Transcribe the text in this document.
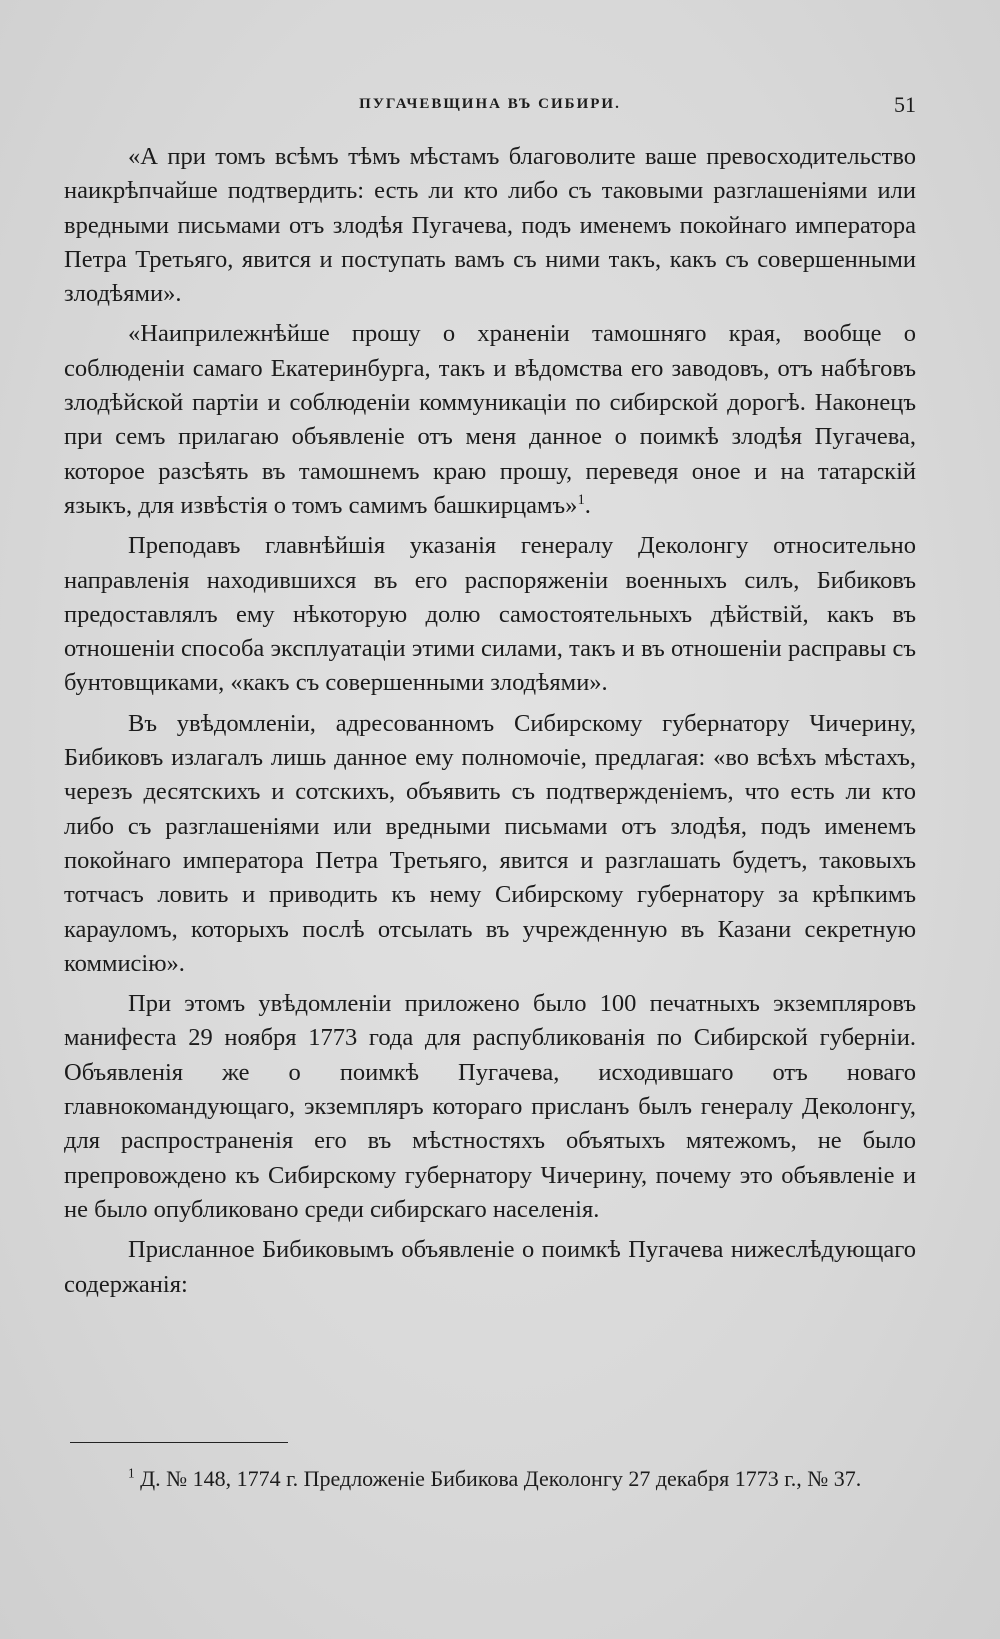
ПУГАЧЕВЩИНА ВЪ СИБИРИ.	51

«А при томъ всѣмъ тѣмъ мѣстамъ благоволите ваше превосходительство наикрѣпчайше подтвердить: есть ли кто либо съ таковыми разглашеніями или вредными письмами отъ злодѣя Пугачева, подъ именемъ покойнаго императора Петра Третьяго, явится и поступать вамъ съ ними такъ, какъ съ совершенными злодѣями».

«Наиприлежнѣйше прошу о храненіи тамошняго края, вообще о соблюденіи самаго Екатеринбурга, такъ и вѣдомства его заводовъ, отъ набѣговъ злодѣйской партіи и соблюденіи коммуникаціи по сибирской дорогѣ. Наконецъ при семъ прилагаю объявленіе отъ меня данное о поимкѣ злодѣя Пугачева, которое разсѣять въ тамошнемъ краю прошу, переведя оное и на татарскій языкъ, для извѣстія о томъ самимъ башкирцамъ»$^1$.

Преподавъ главнѣйшія указанія генералу Деколонгу относительно направленія находившихся въ его распоряженіи военныхъ силъ, Бибиковъ предоставлялъ ему нѣкоторую долю самостоятельныхъ дѣйствій, какъ въ отношеніи способа эксплуатаціи этими силами, такъ и въ отношеніи расправы съ бунтовщиками, «какъ съ совершенными злодѣями».

Въ увѣдомленіи, адресованномъ Сибирскому губернатору Чичерину, Бибиковъ излагалъ лишь данное ему полномочіе, предлагая: «во всѣхъ мѣстахъ, черезъ десятскихъ и сотскихъ, объявить съ подтвержденіемъ, что есть ли кто либо съ разглашеніями или вредными письмами отъ злодѣя, подъ именемъ покойнаго императора Петра Третьяго, явится и разглашать будетъ, таковыхъ тотчасъ ловить и приводить къ нему Сибирскому губернатору за крѣпкимъ карауломъ, которыхъ послѣ отсылать въ учрежденную въ Казани секретную коммисію».

При этомъ увѣдомленіи приложено было 100 печатныхъ экземпляровъ манифеста 29 ноября 1773 года для распубликованія по Сибирской губерніи. Объявленія же о поимкѣ Пугачева, исходившаго отъ новаго главнокомандующаго, экземпляръ котораго присланъ былъ генералу Деколонгу, для распространенія его въ мѣстностяхъ объятыхъ мятежомъ, не было препровождено къ Сибирскому губернатору Чичерину, почему это объявленіе и не было опубликовано среди сибирскаго населенія.

Присланное Бибиковымъ объявленіе о поимкѣ Пугачева нижеслѣдующаго содержанія:

$^1$ Д. № 148, 1774 г. Предложеніе Бибикова Деколонгу 27 декабря 1773 г., № 37.
